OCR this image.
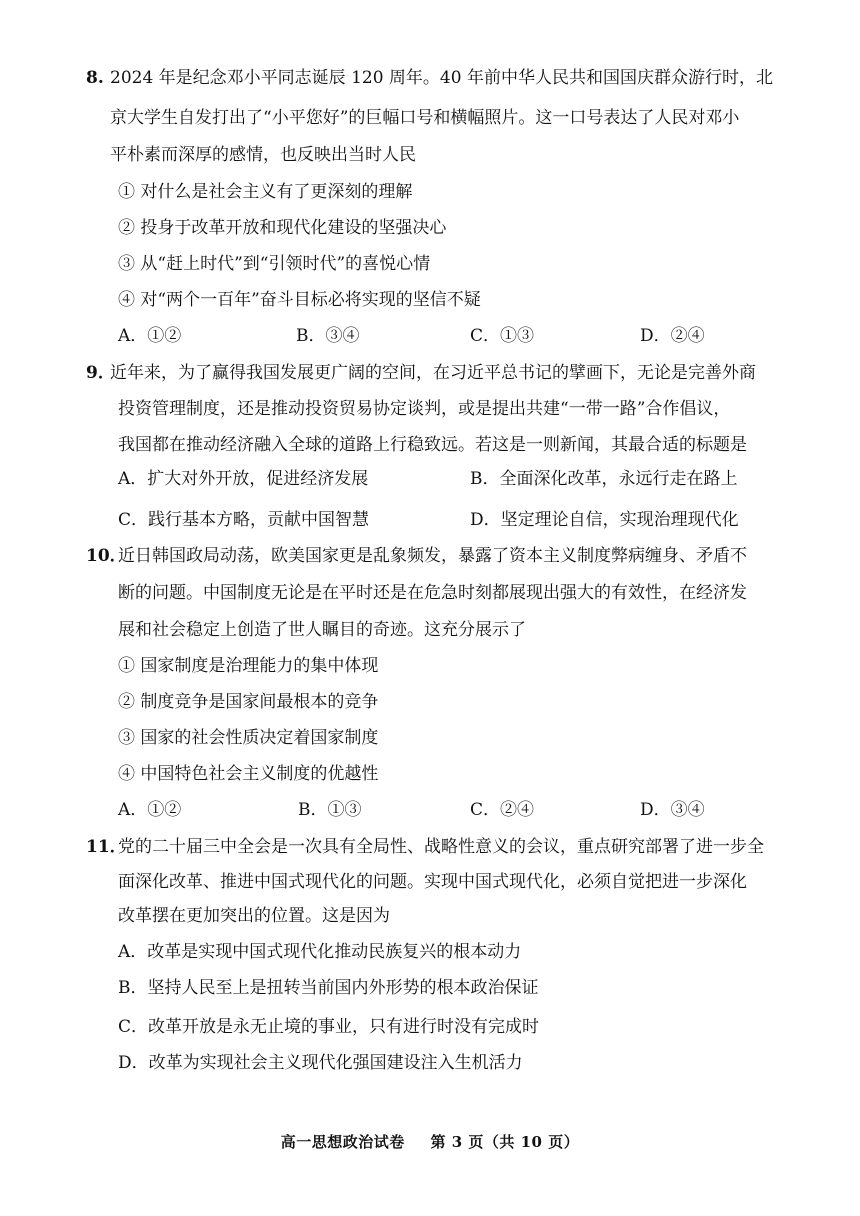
8. 2024 年是纪念邓小平同志诞辰 120 周年。40 年前中华人民共和国国庆群众游行时，北
京大学生自发打出了“小平您好”的巨幅口号和横幅照片。这一口号表达了人民对邓小
平朴素而深厚的感情，也反映出当时人民
① 对什么是社会主义有了更深刻的理解
② 投身于改革开放和现代化建设的坚强决心
③ 从“赶上时代”到“引领时代”的喜悦心情
④ 对“两个一百年”奋斗目标必将实现的坚信不疑
A．①②	B．③④	C．①③	D．②④
9．
近年来，为了赢得我国发展更广阔的空间，在习近平总书记的擘画下，无论是完善外商
投资管理制度，还是推动投资贸易协定谈判，或是提出共建“一带一路”合作倡议，
我国都在推动经济融入全球的道路上行稳致远。若这是一则新闻，其最合适的标题是
A．扩大对外开放，促进经济发展	B．全面深化改革，永远行走在路上
C．践行基本方略，贡献中国智慧	D．坚定理论自信，实现治理现代化
10．
近日韩国政局动荡，欧美国家更是乱象频发，暴露了资本主义制度弊病缠身、矛盾不
断的问题。中国制度无论是在平时还是在危急时刻都展现出强大的有效性，在经济发
展和社会稳定上创造了世人瞩目的奇迹。这充分展示了
① 国家制度是治理能力的集中体现
② 制度竞争是国家间最根本的竞争
③ 国家的社会性质决定着国家制度
④ 中国特色社会主义制度的优越性
A．①②	B．①③	C．②④	D．③④
11．
党的二十届三中全会是一次具有全局性、战略性意义的会议，重点研究部署了进一步全
面深化改革、推进中国式现代化的问题。实现中国式现代化，必须自觉把进一步深化
改革摆在更加突出的位置。这是因为
A．改革是实现中国式现代化推动民族复兴的根本动力
B．坚持人民至上是扭转当前国内外形势的根本政治保证
C．改革开放是永无止境的事业，只有进行时没有完成时
D．改革为实现社会主义现代化强国建设注入生机活力
高一思想政治试卷 第 3 页（共 10 页）
